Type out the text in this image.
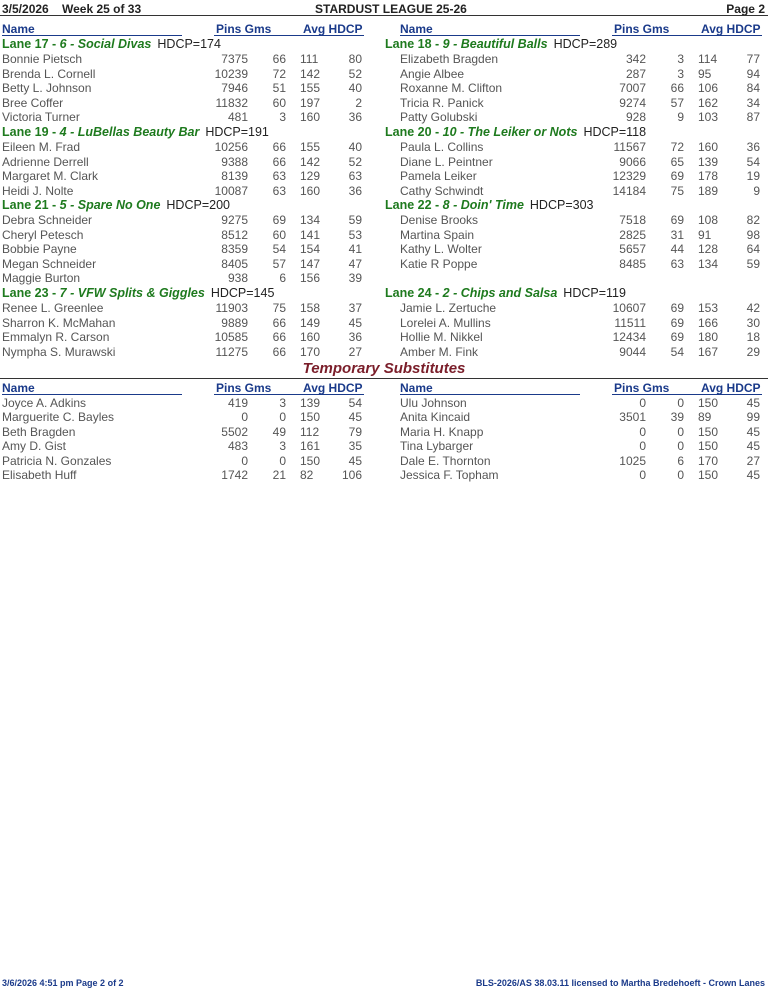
3/5/2026 Week 25 of 33	STARDUST LEAGUE 25-26	Page 2
Name	Pins Gms	Avg HDCP	Name	Pins Gms	Avg HDCP
Lane 17 - 6 - Social Divas HDCP=174
Bonnie Pietsch	7375 66 111	80
Brenda L. Cornell	10239 72 142 52
Betty L. Johnson	7946 51 155 40
Bree Coffer	11832 60 197	2
Victoria Turner	481	3 160 36
Lane 18 - 9 - Beautiful Balls HDCP=289
Elizabeth Bragden	342	3 114 77
Angie Albee	287	3 95	94
Roxanne M. Clifton	7007 66 106 84
Tricia R. Panick	9274 57 162 34
Patty Golubski	928	9 103 87
Lane 19 - 4 - LuBellas Beauty Bar HDCP=191
Eileen M. Frad	10256 66 155 40
Adrienne Derrell	9388 66 142 52
Margaret M. Clark	8139 63 129 63
Heidi J. Nolte	10087 63 160 36
Lane 20 - 10 - The Leiker or Nots HDCP=118
Paula L. Collins	11567 72 160 36
Diane L. Peintner	9066 65 139 54
Pamela Leiker	12329 69 178 19
Cathy Schwindt	14184 75 189	9
Lane 21 - 5 - Spare No One HDCP=200
Debra Schneider	9275 69 134 59
Cheryl Petesch	8512 60 141 53
Bobbie Payne	8359 54 154 41
Megan Schneider	8405 57 147 47
Maggie Burton	938	6 156 39
Lane 22 - 8 - Doin' Time HDCP=303
Denise Brooks	7518 69 108 82
Martina Spain	2825 31 91	98
Kathy L. Wolter	5657 44 128 64
Katie R Poppe	8485 63 134 59
Lane 23 - 7 - VFW Splits & Giggles HDCP=145
Renee L. Greenlee	11903 75 158 37
Sharron K. McMahan	9889 66 149 45
Emmalyn R. Carson	10585 66 160 36
Nympha S. Murawski	11275 66 170 27
Lane 24 - 2 - Chips and Salsa HDCP=119
Jamie L. Zertuche	10607 69 153 42
Lorelei A. Mullins	11511 69 166 30
Hollie M. Nikkel	12434 69 180 18
Amber M. Fink	9044 54 167 29
Name	Pins Gms	Avg HDCP	Name	Pins Gms	Avg HDCP
Joyce A. Adkins	419	3 139 54
Marguerite C. Bayles	0	0 150 45
Beth Bragden	5502 49 112 79
Amy D. Gist	483	3 161 35
Patricia N. Gonzales	0	0 150 45
Elisabeth Huff	1742 21 82 106
Ulu Johnson	0	0 150 45
Anita Kincaid	3501 39 89	99
Maria H. Knapp	0	0 150 45
Tina Lybarger	0	0 150 45
Dale E. Thornton	1025	6 170 27
Jessica F. Topham	0	0 150 45
Temporary Substitutes
3/6/2026 4:51 pm Page 2 of 2	BLS-2026/AS 38.03.11 licensed to Martha Bredehoeft - Crown Lanes
